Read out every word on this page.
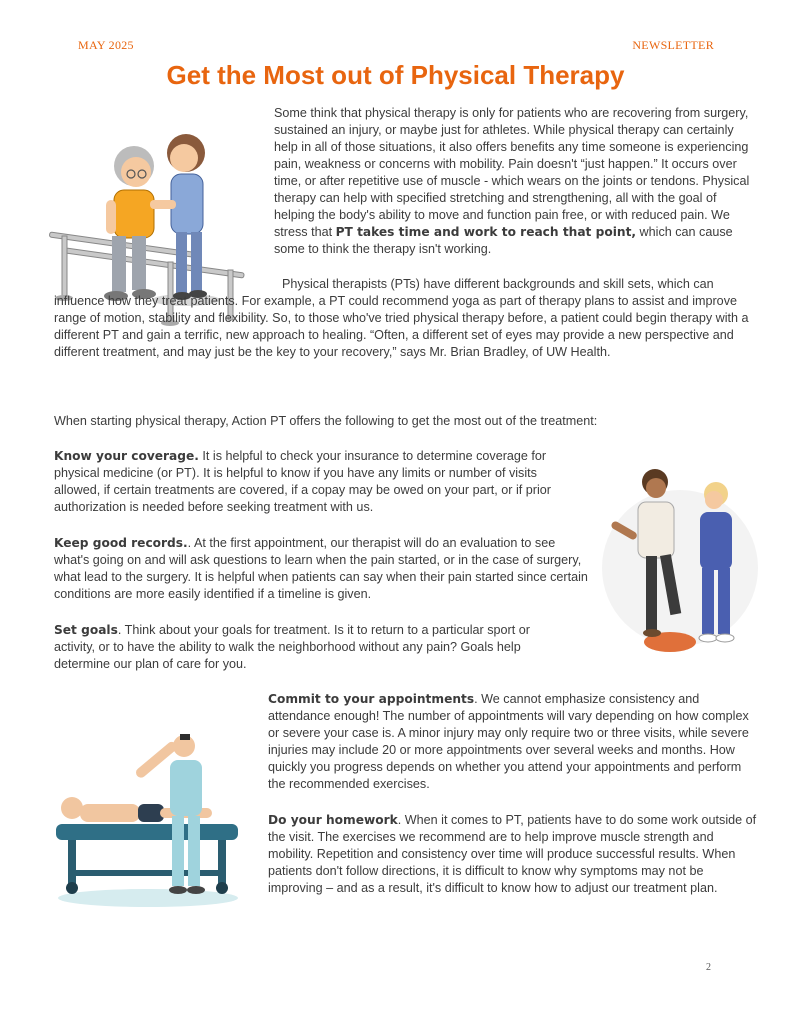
MAY 2025	NEWSLETTER
Get the Most out of Physical Therapy

Some think that physical therapy is only for patients who are recovering from surgery, sustained an injury, or maybe just for athletes. While physical therapy can certainly help in all of those situations, it also offers benefits any time someone is experiencing pain, weakness or concerns with mobility. Pain doesn't “just happen.” It occurs over time, or after repetitive use of muscle - which wears on the joints or tendons. Physical therapy can help with specified stretching and strengthening, all with the goal of helping the body's ability to move and function pain free, or with reduced pain. We stress that PT takes time and work to reach that point, which can cause some to think the therapy isn't working.

Physical therapists (PTs) have different backgrounds and skill sets, which can influence how they treat patients. For example, a PT could recommend yoga as part of therapy plans to assist and improve range of motion, stability and flexibility. So, to those who've tried physical therapy before, a patient could begin therapy with a different PT and gain a terrific, new approach to healing. “Often, a different set of eyes may provide a new perspective and different treatment, and may just be the key to your recovery,” says Mr. Brian Bradley, of UW Health.

When starting physical therapy, Action PT offers the following to get the most out of the treatment:

Know your coverage. It is helpful to check your insurance to determine coverage for physical medicine (or PT). It is helpful to know if you have any limits or number of visits allowed, if certain treatments are covered, if a copay may be owed on your part, or if prior authorization is needed before seeking treatment with us.

Keep good records.. At the first appointment, our therapist will do an evaluation to see what's going on and will ask questions to learn when the pain started, or in the case of surgery, what lead to the surgery. It is helpful when patients can say when their pain started since certain conditions are more easily identified if a timeline is given.

Set goals. Think about your goals for treatment. Is it to return to a particular sport or activity, or to have the ability to walk the neighborhood without any pain? Goals help determine our plan of care for you.

Commit to your appointments. We cannot emphasize consistency and attendance enough! The number of appointments will vary depending on how complex or severe your case is. A minor injury may only require two or three visits, while severe injuries may include 20 or more appointments over several weeks and months. How quickly you progress depends on whether you attend your appointments and perform the recommended exercises.

Do your homework. When it comes to PT, patients have to do some work outside of the visit. The exercises we recommend are to help improve muscle strength and mobility. Repetition and consistency over time will produce successful results. When patients don't follow directions, it is difficult to know why symptoms may not be improving – and as a result, it's difficult to know how to adjust our treatment plan.

2
